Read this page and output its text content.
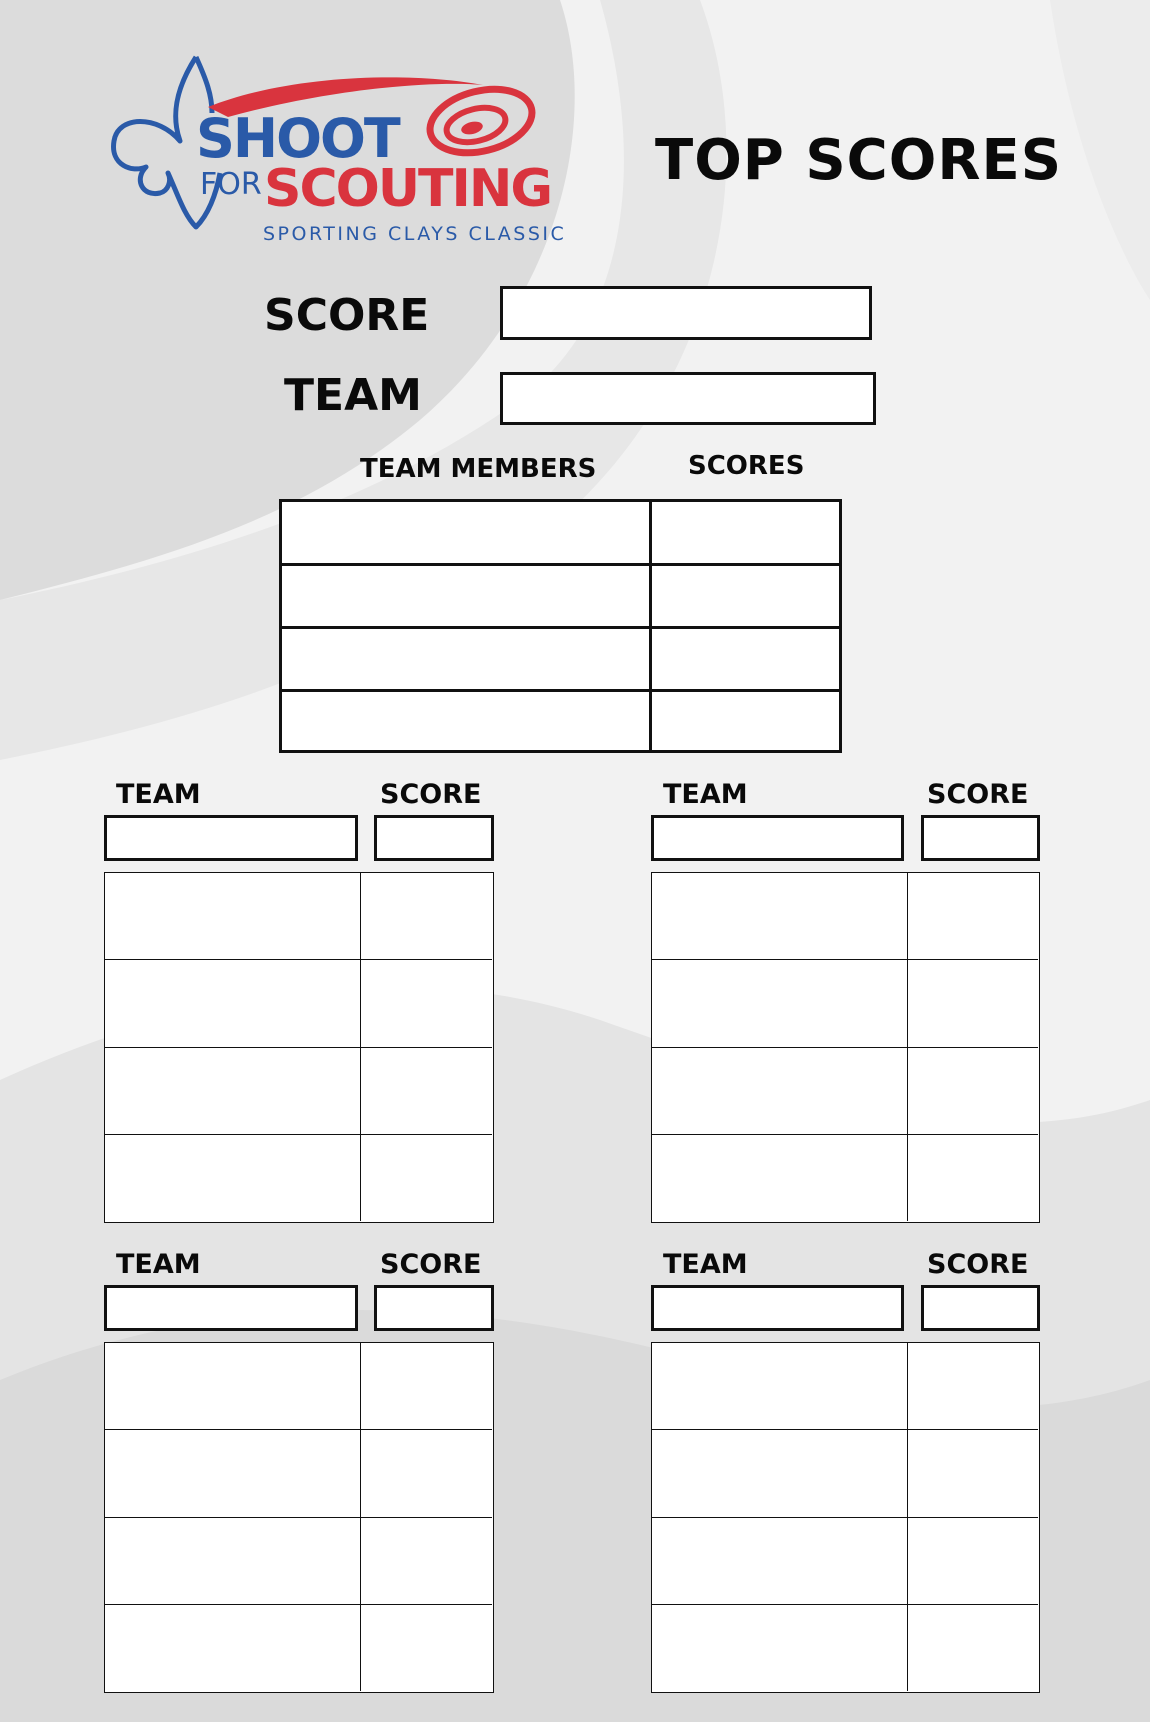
SHOOT
FOR SCOUTING
SPORTING CLAYS CLASSIC
TOP SCORES
SCORE
TEAM
TEAM MEMBERS	SCORES
TEAM	SCORE	TEAM	SCORE
TEAM	SCORE	TEAM	SCORE
